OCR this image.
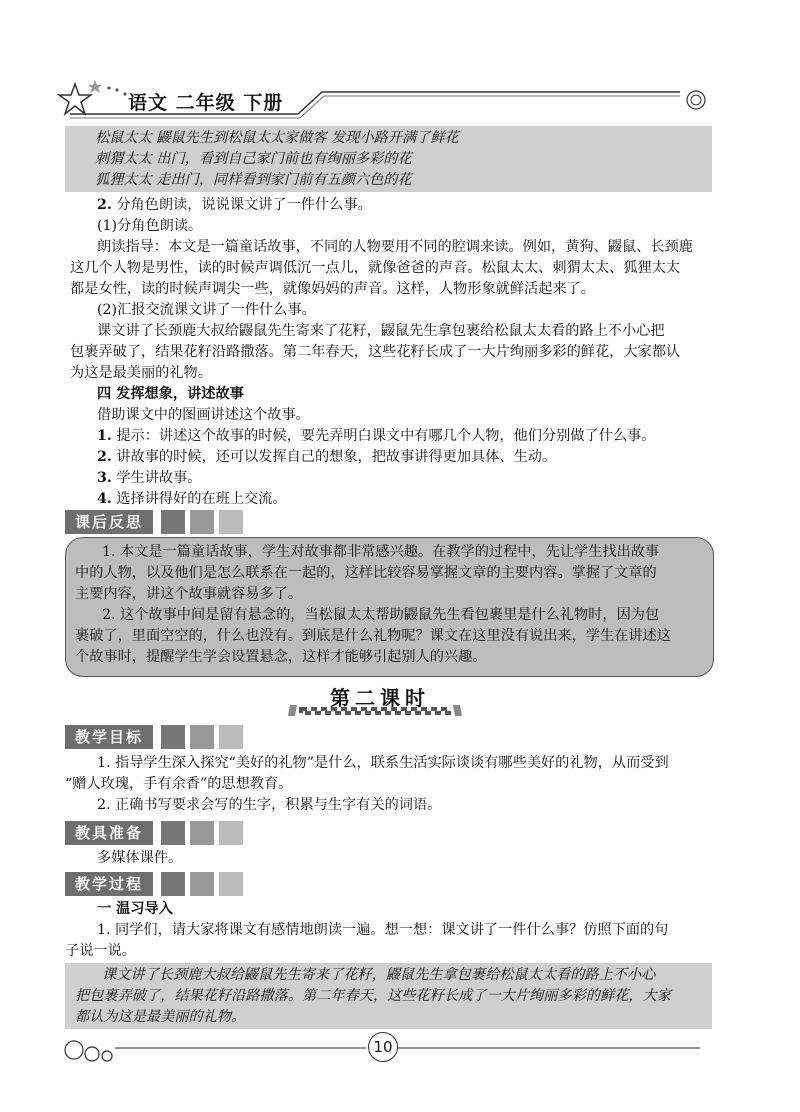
语文 二年级 下册
松鼠太太 鼹鼠先生到松鼠太太家做客 发现小路开满了鲜花
刺猬太太 出门，看到自己家门前也有绚丽多彩的花
狐狸太太 走出门，同样看到家门前有五颜六色的花
2. 分角色朗读，说说课文讲了一件什么事。
(1)分角色朗读。
朗读指导：本文是一篇童话故事，不同的人物要用不同的腔调来读。例如，黄狗、鼹鼠、长颈鹿
这几个人物是男性，读的时候声调低沉一点儿，就像爸爸的声音。松鼠太太、刺猬太太、狐狸太太
都是女性，读的时候声调尖一些，就像妈妈的声音。这样，人物形象就鲜活起来了。
(2)汇报交流课文讲了一件什么事。
课文讲了长颈鹿大叔给鼹鼠先生寄来了花籽，鼹鼠先生拿包裹给松鼠太太看的路上不小心把
包裹弄破了，结果花籽沿路撒落。第二年春天，这些花籽长成了一大片绚丽多彩的鲜花，大家都认
为这是最美丽的礼物。
四 发挥想象，讲述故事
借助课文中的图画讲述这个故事。
1. 提示：讲述这个故事的时候，要先弄明白课文中有哪几个人物，他们分别做了什么事。
2. 讲故事的时候，还可以发挥自己的想象，把故事讲得更加具体、生动。
3. 学生讲故事。
4. 选择讲得好的在班上交流。
课后反思
1. 本文是一篇童话故事，学生对故事都非常感兴趣。在教学的过程中，先让学生找出故事
中的人物，以及他们是怎么联系在一起的，这样比较容易掌握文章的主要内容。掌握了文章的
主要内容，讲这个故事就容易多了。
2. 这个故事中间是留有悬念的，当松鼠太太帮助鼹鼠先生看包裹里是什么礼物时，因为包
裹破了，里面空空的，什么也没有。到底是什么礼物呢？课文在这里没有说出来，学生在讲述这
个故事时，提醒学生学会设置悬念，这样才能够引起别人的兴趣。
第二课时
教学目标
1. 指导学生深入探究“美好的礼物”是什么，联系生活实际谈谈有哪些美好的礼物，从而受到
“赠人玫瑰，手有余香”的思想教育。
2. 正确书写要求会写的生字，积累与生字有关的词语。
教具准备
多媒体课件。
教学过程
一 温习导入
1. 同学们，请大家将课文有感情地朗读一遍。想一想：课文讲了一件什么事？仿照下面的句
子说一说。
课文讲了长颈鹿大叔给鼹鼠先生寄来了花籽，鼹鼠先生拿包裹给松鼠太太看的路上不小心
把包裹弄破了，结果花籽沿路撒落。第二年春天，这些花籽长成了一大片绚丽多彩的鲜花，大家
都认为这是最美丽的礼物。
10
